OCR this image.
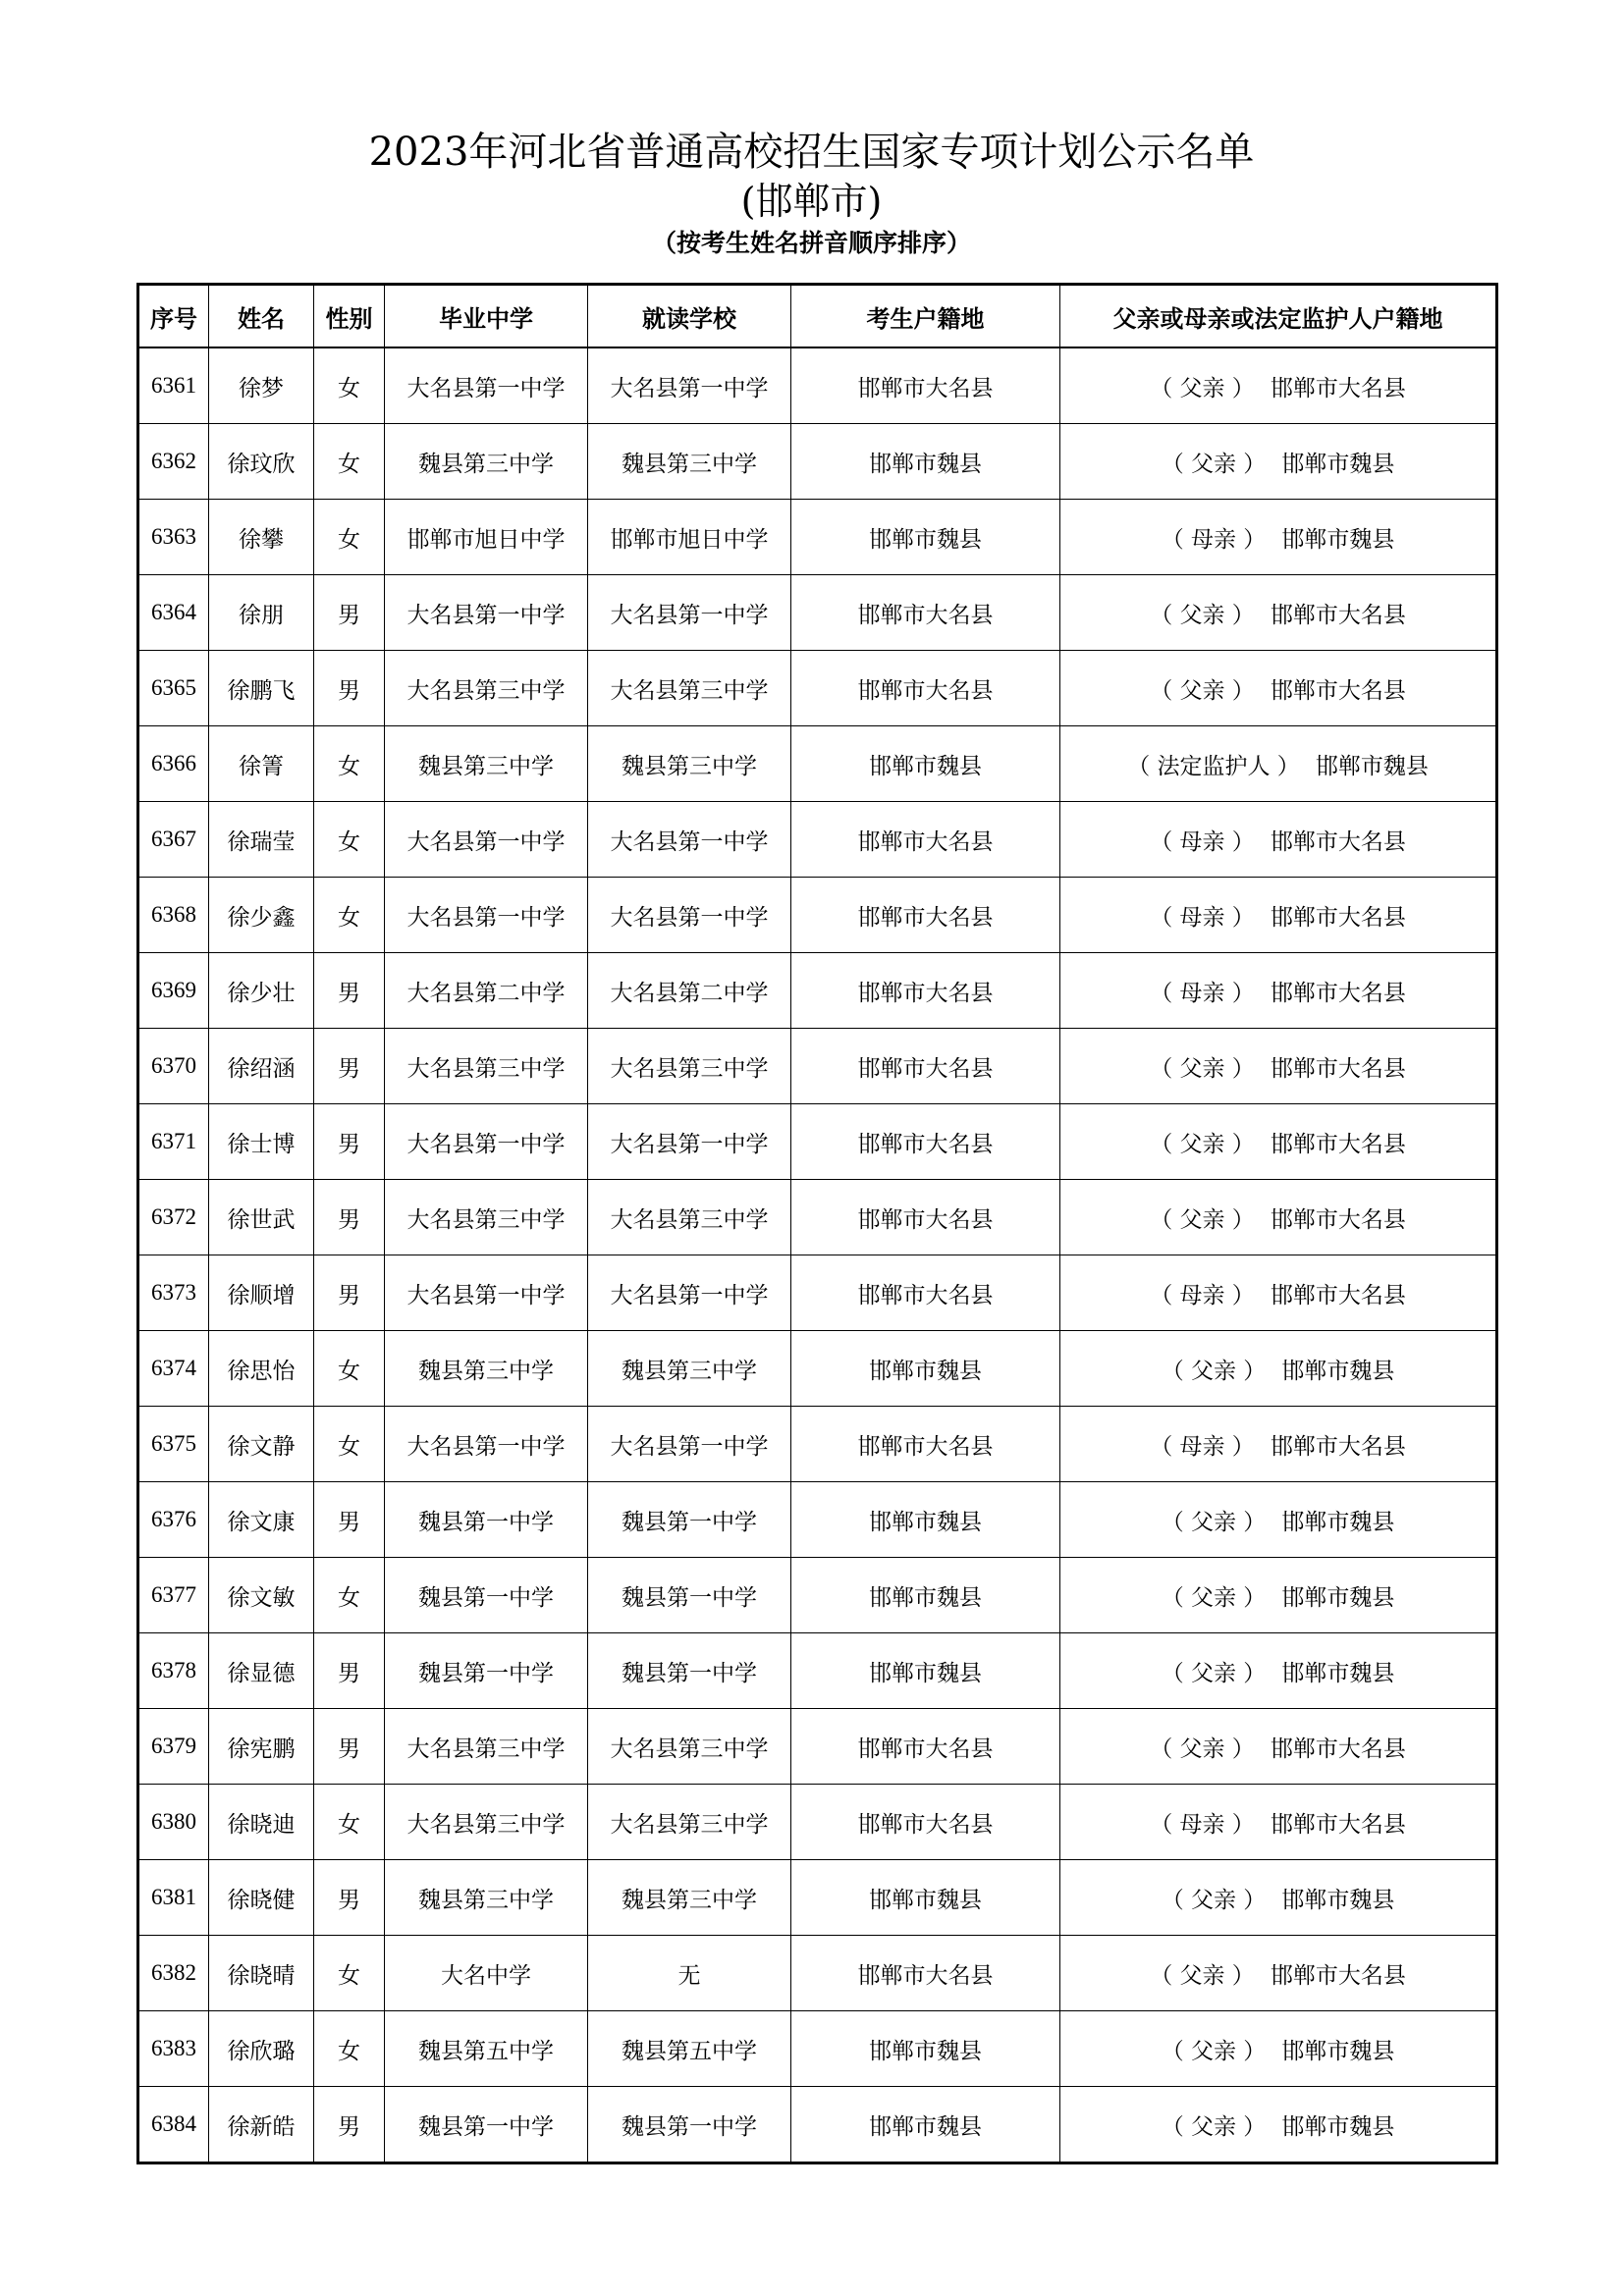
2023年河北省普通高校招生国家专项计划公示名单
(邯郸市)
（按考生姓名拼音顺序排序）
序号	姓名	性别	毕业中学	就读学校	考生户籍地	父亲或母亲或法定监护人户籍地
6361	徐梦	女	大名县第一中学	大名县第一中学	邯郸市大名县	（ 父亲 ） 邯郸市大名县
6362	徐玟欣	女	魏县第三中学	魏县第三中学	邯郸市魏县	（ 父亲 ） 邯郸市魏县
6363	徐攀	女	邯郸市旭日中学	邯郸市旭日中学	邯郸市魏县	（ 母亲 ） 邯郸市魏县
6364	徐朋	男	大名县第一中学	大名县第一中学	邯郸市大名县	（ 父亲 ） 邯郸市大名县
6365	徐鹏飞	男	大名县第三中学	大名县第三中学	邯郸市大名县	（ 父亲 ） 邯郸市大名县
6366	徐箐	女	魏县第三中学	魏县第三中学	邯郸市魏县	（ 法定监护人 ） 邯郸市魏县
6367	徐瑞莹	女	大名县第一中学	大名县第一中学	邯郸市大名县	（ 母亲 ） 邯郸市大名县
6368	徐少鑫	女	大名县第一中学	大名县第一中学	邯郸市大名县	（ 母亲 ） 邯郸市大名县
6369	徐少壮	男	大名县第二中学	大名县第二中学	邯郸市大名县	（ 母亲 ） 邯郸市大名县
6370	徐绍涵	男	大名县第三中学	大名县第三中学	邯郸市大名县	（ 父亲 ） 邯郸市大名县
6371	徐士博	男	大名县第一中学	大名县第一中学	邯郸市大名县	（ 父亲 ） 邯郸市大名县
6372	徐世武	男	大名县第三中学	大名县第三中学	邯郸市大名县	（ 父亲 ） 邯郸市大名县
6373	徐顺增	男	大名县第一中学	大名县第一中学	邯郸市大名县	（ 母亲 ） 邯郸市大名县
6374	徐思怡	女	魏县第三中学	魏县第三中学	邯郸市魏县	（ 父亲 ） 邯郸市魏县
6375	徐文静	女	大名县第一中学	大名县第一中学	邯郸市大名县	（ 母亲 ） 邯郸市大名县
6376	徐文康	男	魏县第一中学	魏县第一中学	邯郸市魏县	（ 父亲 ） 邯郸市魏县
6377	徐文敏	女	魏县第一中学	魏县第一中学	邯郸市魏县	（ 父亲 ） 邯郸市魏县
6378	徐显德	男	魏县第一中学	魏县第一中学	邯郸市魏县	（ 父亲 ） 邯郸市魏县
6379	徐宪鹏	男	大名县第三中学	大名县第三中学	邯郸市大名县	（ 父亲 ） 邯郸市大名县
6380	徐晓迪	女	大名县第三中学	大名县第三中学	邯郸市大名县	（ 母亲 ） 邯郸市大名县
6381	徐晓健	男	魏县第三中学	魏县第三中学	邯郸市魏县	（ 父亲 ） 邯郸市魏县
6382	徐晓晴	女	大名中学	无	邯郸市大名县	（ 父亲 ） 邯郸市大名县
6383	徐欣璐	女	魏县第五中学	魏县第五中学	邯郸市魏县	（ 父亲 ） 邯郸市魏县
6384	徐新皓	男	魏县第一中学	魏县第一中学	邯郸市魏县	（ 父亲 ） 邯郸市魏县
